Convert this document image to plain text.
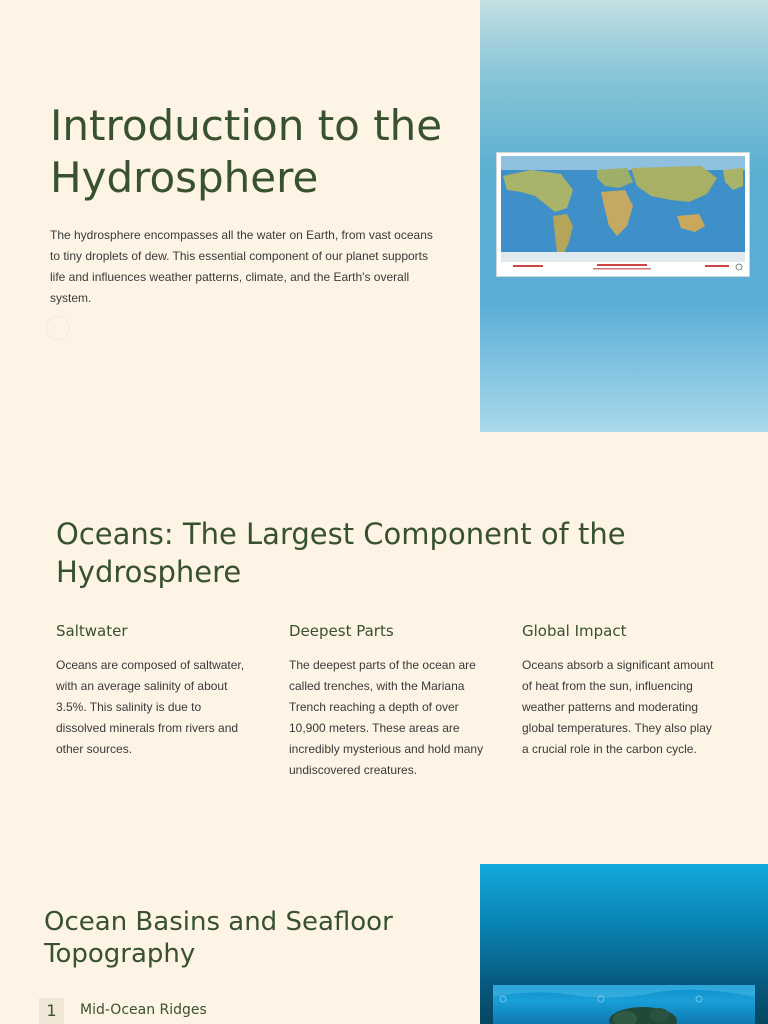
Introduction to the Hydrosphere

The hydrosphere encompasses all the water on Earth, from vast oceans to tiny droplets of dew. This essential component of our planet supports life and influences weather patterns, climate, and the Earth's overall system.

Oceans: The Largest Component of the Hydrosphere
Saltwater

Oceans are composed of saltwater, with an average salinity of about 3.5%. This salinity is due to dissolved minerals from rivers and other sources.

Deepest Parts

The deepest parts of the ocean are called trenches, with the Mariana Trench reaching a depth of over 10,900 meters. These areas are incredibly mysterious and hold many undiscovered creatures.

Global Impact

Oceans absorb a significant amount of heat from the sun, influencing weather patterns and moderating global temperatures. They also play a crucial role in the carbon cycle.

Ocean Basins and Seafloor Topography
1	Mid-Ocean Ridges
